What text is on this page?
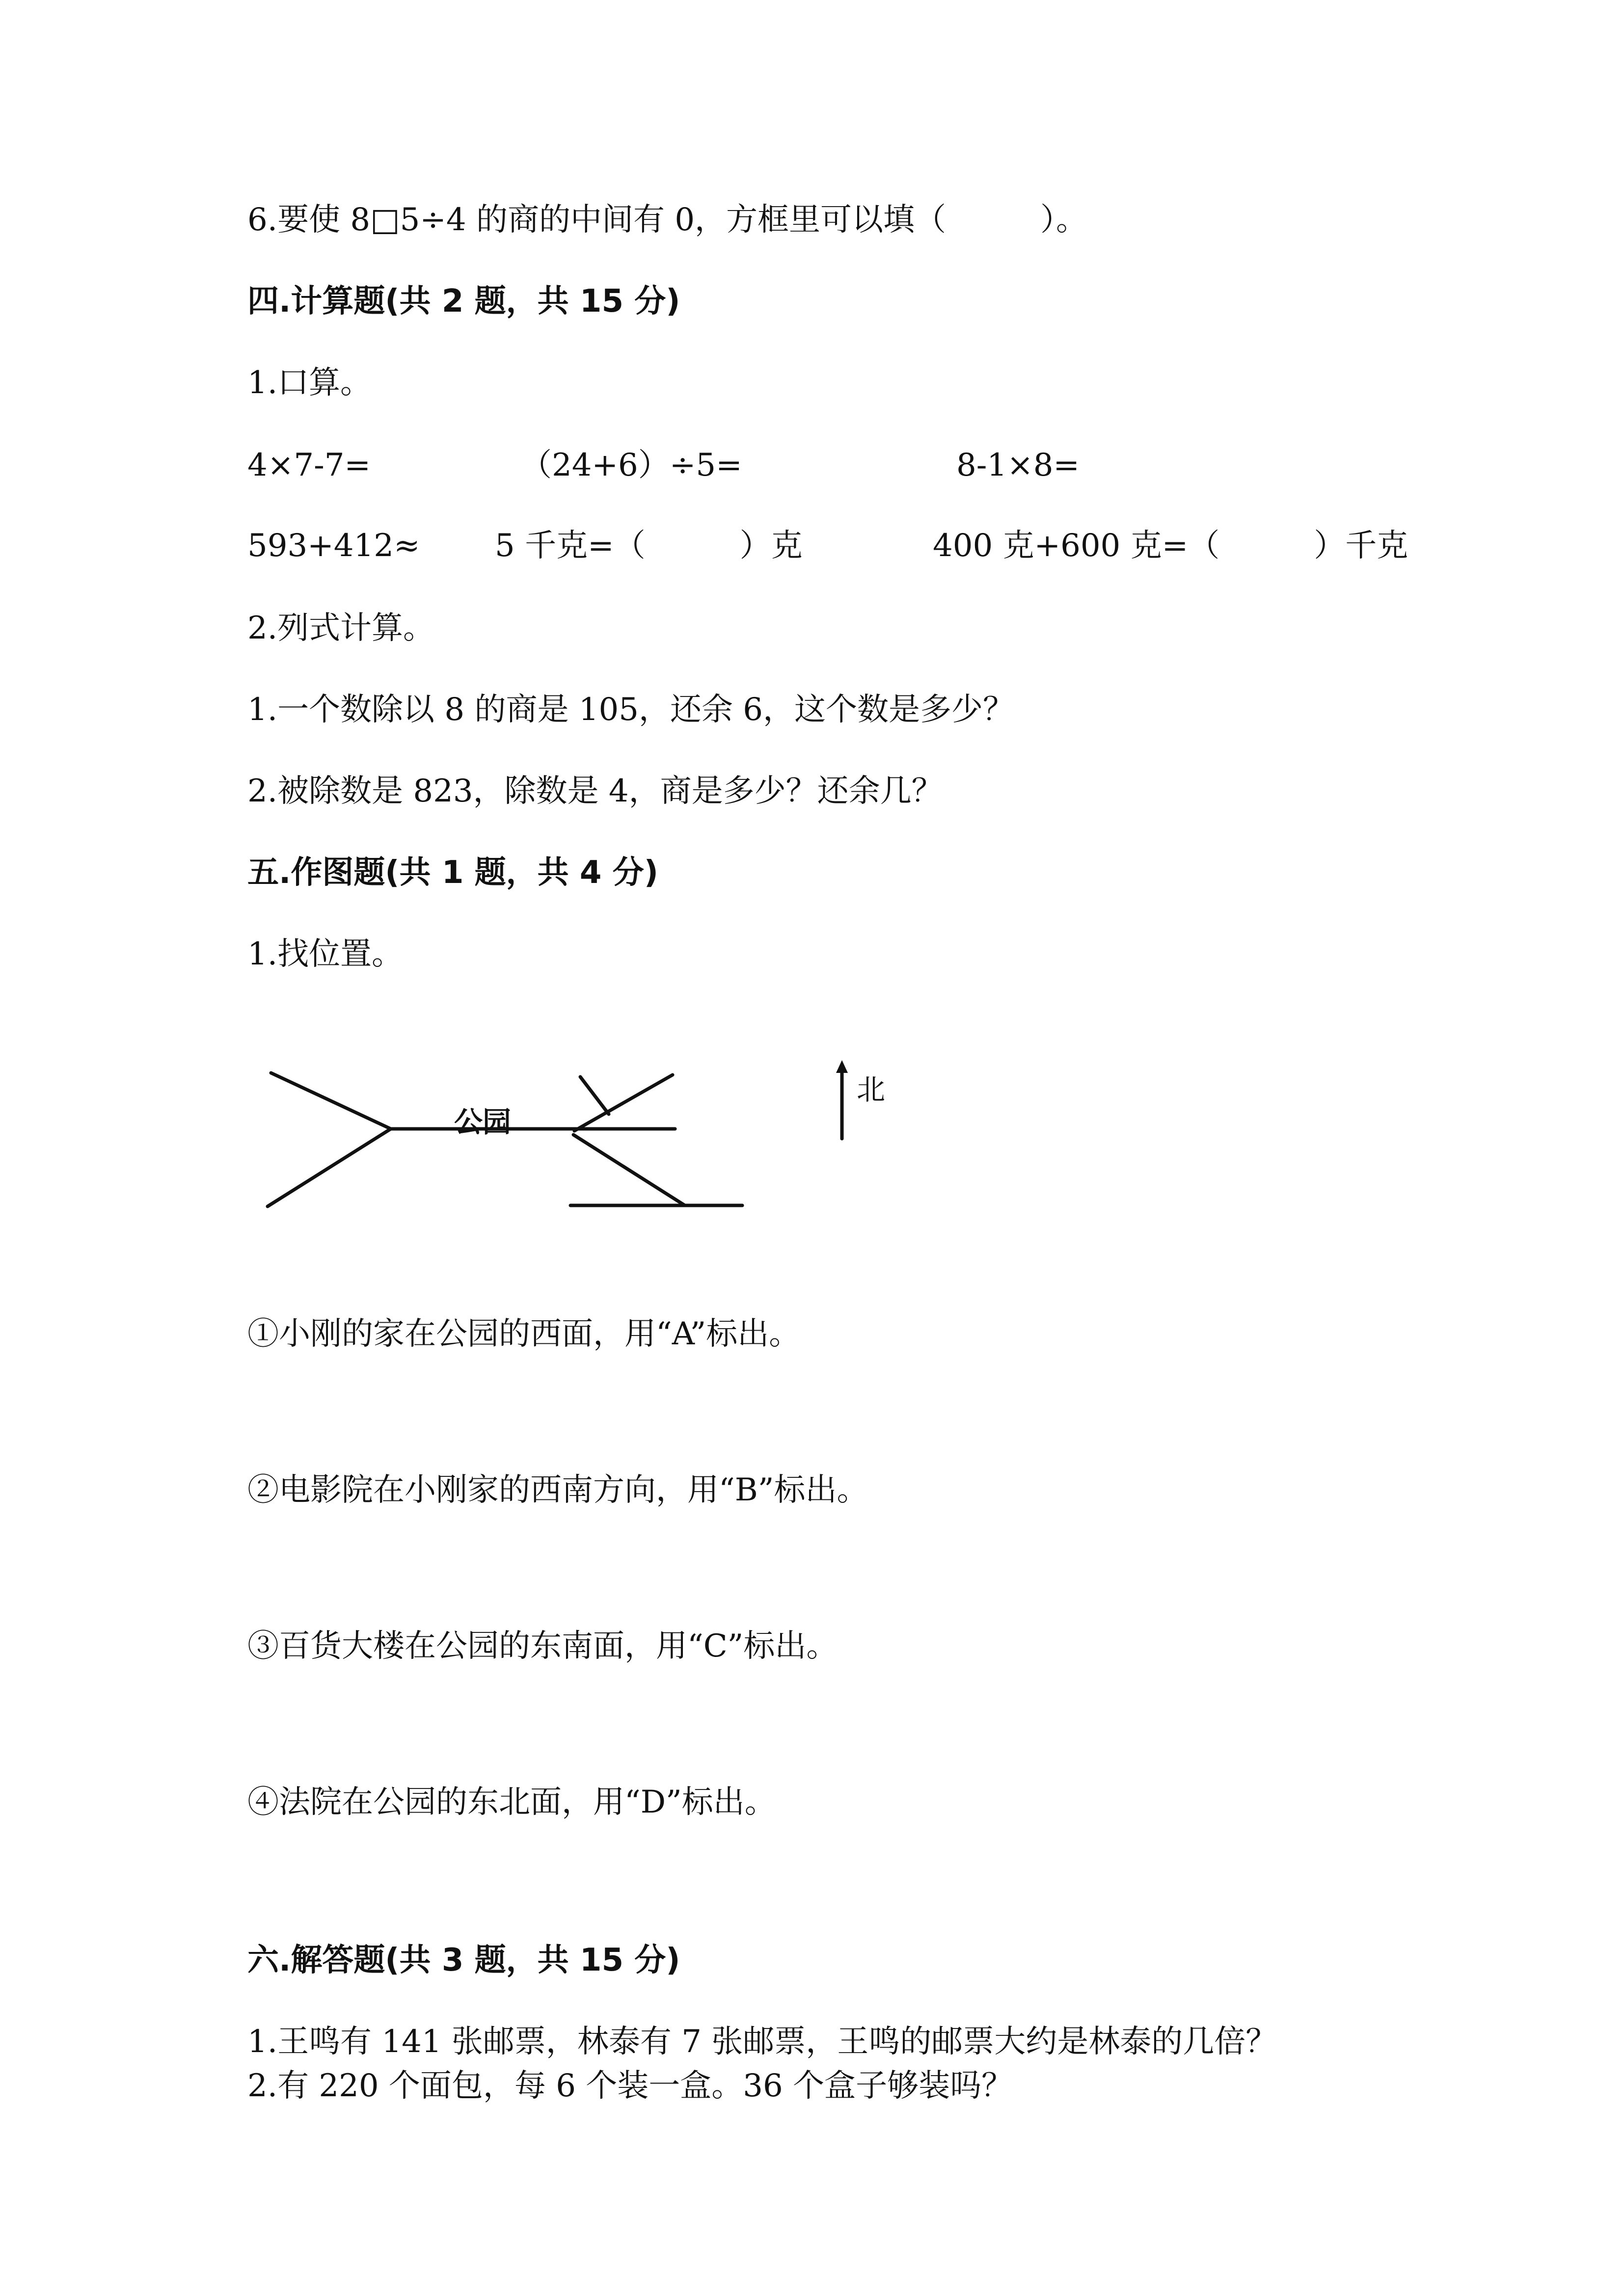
6.要使 8□5÷4 的商的中间有 0，方框里可以填（　　　）。
四.计算题(共 2 题，共 15 分)
1.口算。
4×7-7=	（24+6）÷5=	8-1×8=
593+412≈ 5 千克=（　　　）克	400 克+600 克=（　　　）千克
2.列式计算。
1.一个数除以 8 的商是 105，还余 6，这个数是多少？
2.被除数是 823，除数是 4，商是多少？还余几？
五.作图题(共 1 题，共 4 分)
1.找位置。
公园
北
①小刚的家在公园的西面，用“A”标出。
②电影院在小刚家的西南方向，用“B”标出。
③百货大楼在公园的东南面，用“C”标出。
④法院在公园的东北面，用“D”标出。
六.解答题(共 3 题，共 15 分)
1.王鸣有 141 张邮票，林泰有 7 张邮票，王鸣的邮票大约是林泰的几倍？
2.有 220 个面包，每 6 个装一盒。36 个盒子够装吗？
